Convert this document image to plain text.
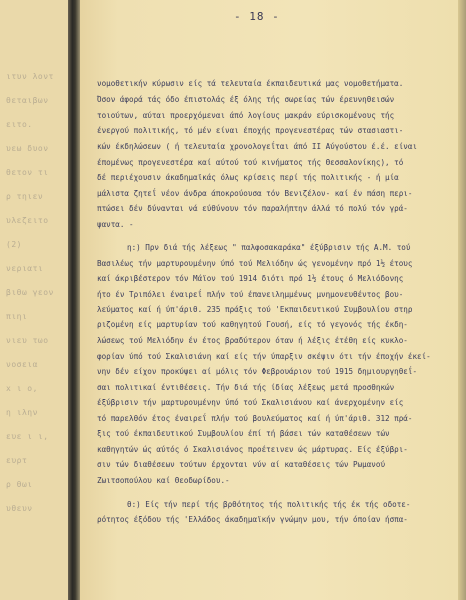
ιτυν λοντ
θεταιβων
ειτο.
υεω δυον
θετον τι
ρ τηιεν
υλεζειτο
(2)
νεριατι
βιθω γεον
πιηι
νιευ τωο
νοσεια
x ι ο,
η ιλην
ευε ι ι,
ευρτ
ρ θωι
υθευν
- 18 -
νομοθετικήν κύρωσιν είς τά τελευταία έκπαιδευτικά μας νομοθετήματα.
Όσον άφορά τάς όδο έπιστολάς έξ όλης τής σωρείας τών έρευνηθεισών
τοιούτων, αύται προερχόμεναι άπό λογίους μακράν εύρισκομένους τής
ένεργού πολιτικής, τό μέν είναι έποχής προγενεστέρας τών στασιαστι-
κών έκδηλώσεων ( ή τελευταία χρονολογεΐται άπό ΙΙ Αύγούστου έ.έ. είναι
έπομένως προγενεστέρα καί αύτού τού κινήματος τής Θεσσαλονίκης), τό
δέ περιέχουσιν άκαδημαϊκάς όλως κρίσεις περί τής πολιτικής - ή μία
μάλιστα ζητεΐ νέον άνδρα άποκρούουσα τόν Βενιζέλον- καί έν πάση περι-
πτώσει δέν δύνανται νά εύθύνουν τόν παραλήπτην άλλά τό πολύ τόν γρά-
ψαντα. -
η:) Πρν διά τής λέξεως " παλφοσακαράκα" έξύβρισιν τής Α.Μ. τού
Βασιλέως τήν μαρτυρουμένην ύπό τού Μελιόδην ώς γενομένην πρό 1½ έτους
καί άκριβέστερον τόν Μάϊον τού 1914 διότι πρό 1½ έτους ό Μελιόδονης
ήτο έν Τριπόλει έναιρεΐ πλήν τού έπανειλημμένως μνημονευθέντος βου-
λεύματος καί ή ύπ'άριθ. 235 πράξις τού 'Εκπαιδευτικού Συμβουλίου στηρ
ριζομένη είς μαρτυρίαν τού καθηγητού Γουσή, είς τό γεγονός τής έκδη-
λώσεως τού Μελιόδην έν έτος βραδύτερον όταν ή λέξις έτέθη είς κυκλο-
φορίαν ύπό τού Σκαλισιάνη καί είς τήν ύπαρξιν σκέψιν ότι τήν έποχήν έκεί-
νην δέν είχον προκύψει αί μόλις τόν Φεβρουάριον τού 1915 δημιουργηθεΐ-
σαι πολιτικαί έντιθέσεις. Τήν διά τής ίδίας λέξεως μετά προσθηκών
έξύβρισιν τήν μαρτυρουμένην ύπό τού Σκαλισιάνου καί άνερχομένην είς
τό παρελθόν έτος έναιρεΐ πλήν τού βουλεύματος καί ή ύπ'άριθ. 312 πρά-
ξις τού έκπαιδευτικού Συμβουλίου έπί τή βάσει τών καταθέσεων τών
καθηγητών ώς αύτός ό Σκαλισιάνος προέτεινεν ώς μάρτυρας. Είς έξύβρι-
σιν τών διαθέσεων τούτων έρχονται νύν αί καταθέσεις τών Ρωμανού
Ζωιτσοπούλου καί Θεοδωρίδου.-
θ:) Είς τήν περί τής βρθότητος τής πολιτικής τής έκ τής οδοτε-
ρότητος έξόδου τής 'Ελλάδος άκαδημαϊκήν γνώμην μου, τήν όποίαν ήσπα-
